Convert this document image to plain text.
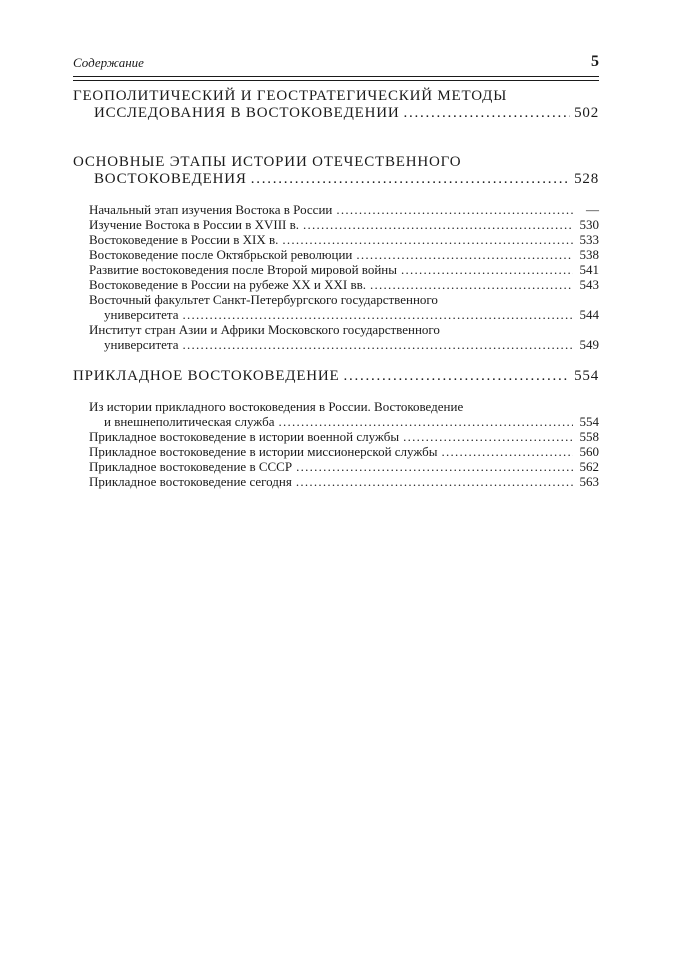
Содержание	5
ГЕОПОЛИТИЧЕСКИЙ И ГЕОСТРАТЕГИЧЕСКИЙ МЕТОДЫ
ИССЛЕДОВАНИЯ В ВОСТОКОВЕДЕНИИ . . .	502
ОСНОВНЫЕ ЭТАПЫ ИСТОРИИ ОТЕЧЕСТВЕННОГО
ВОСТОКОВЕДЕНИЯ . . .	528
Начальный этап изучения Востока в России . . .	—
Изучение Востока в России в XVIII в. . . .	530
Востоковедение в России в XIX в. . . .	533
Востоковедение после Октябрьской революции . . .	538
Развитие востоковедения после Второй мировой войны . . .	541
Востоковедение в России на рубеже XX и XXI вв. . . .	543
Восточный факультет Санкт-Петербургского государственного
университета . . .	544
Институт стран Азии и Африки Московского государственного
университета . . .	549
ПРИКЛАДНОЕ ВОСТОКОВЕДЕНИЕ . . .	554
Из истории прикладного востоковедения в России. Востоковедение
и внешнеполитическая служба . . .	554
Прикладное востоковедение в истории военной службы . . .	558
Прикладное востоковедение в истории миссионерской службы . . .	560
Прикладное востоковедение в СССР . . .	562
Прикладное востоковедение сегодня . . .	563
